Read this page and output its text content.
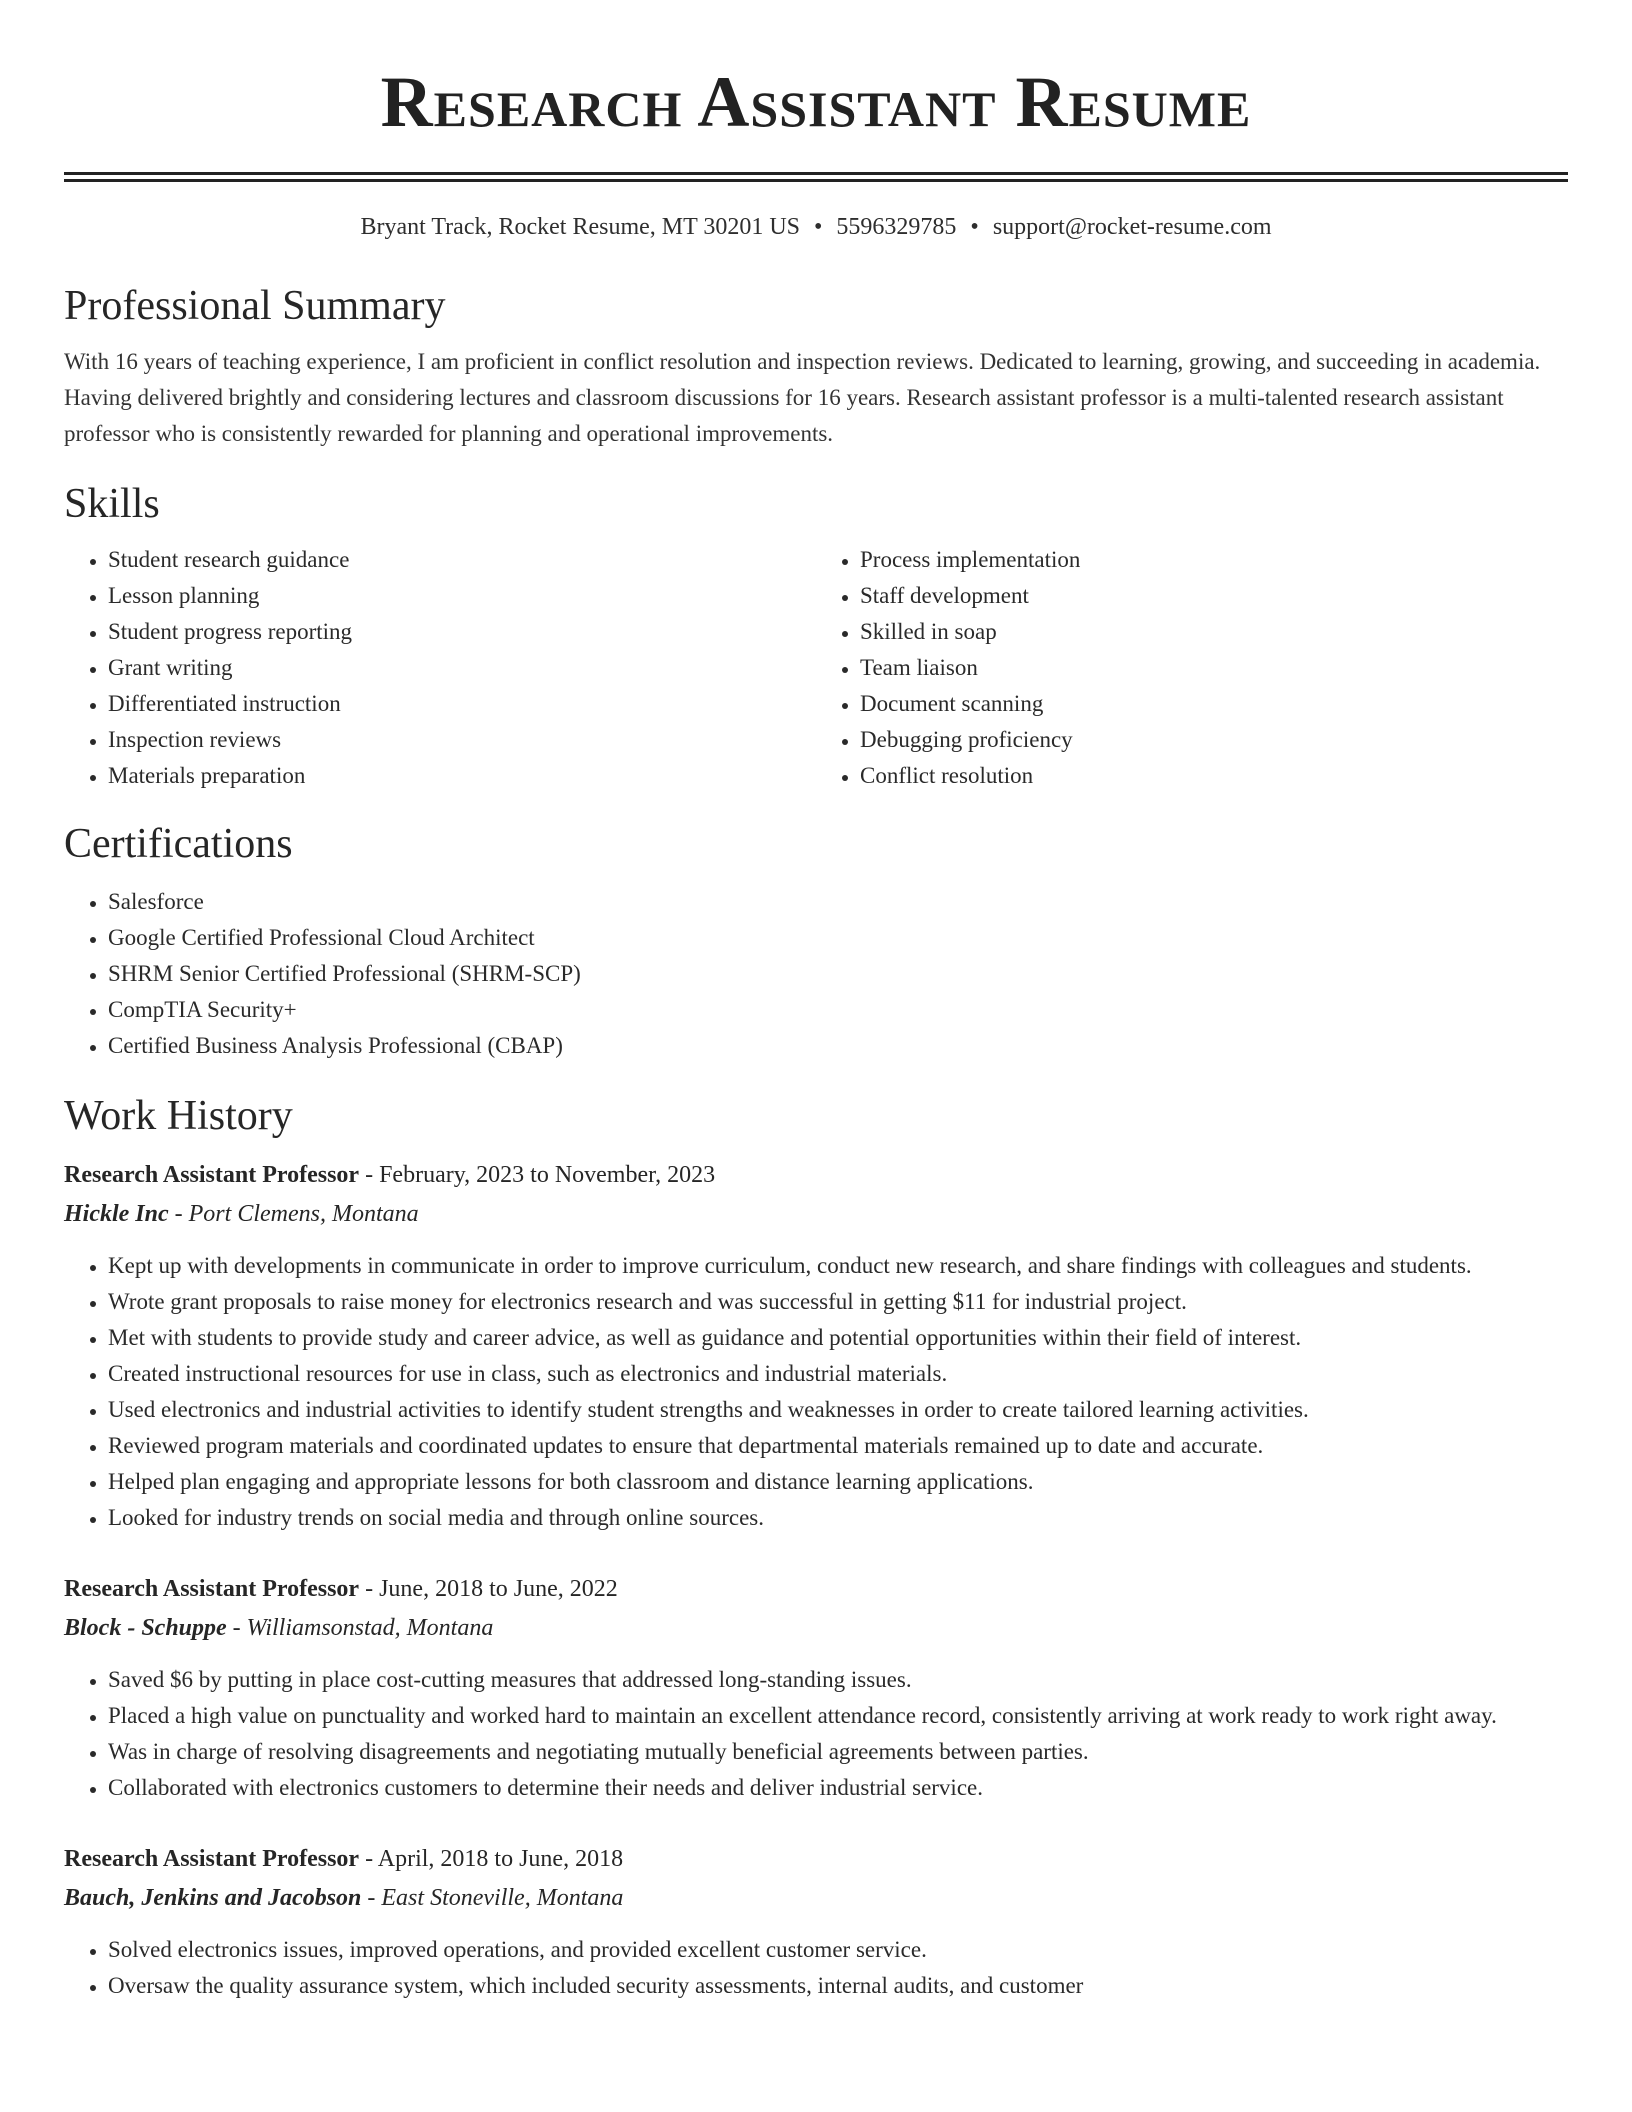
Research Assistant Resume
Bryant Track, Rocket Resume, MT 30201 US • 5596329785 • support@rocket-resume.com
Professional Summary
With 16 years of teaching experience, I am proficient in conflict resolution and inspection reviews. Dedicated to learning, growing, and succeeding in academia. Having delivered brightly and considering lectures and classroom discussions for 16 years. Research assistant professor is a multi-talented research assistant professor who is consistently rewarded for planning and operational improvements.
Skills
• Student research guidance
• Lesson planning
• Student progress reporting
• Grant writing
• Differentiated instruction
• Inspection reviews
• Materials preparation
• Process implementation
• Staff development
• Skilled in soap
• Team liaison
• Document scanning
• Debugging proficiency
• Conflict resolution
Certifications
• Salesforce
• Google Certified Professional Cloud Architect
• SHRM Senior Certified Professional (SHRM-SCP)
• CompTIA Security+
• Certified Business Analysis Professional (CBAP)
Work History
Research Assistant Professor - February, 2023 to November, 2023
Hickle Inc - Port Clemens, Montana
• Kept up with developments in communicate in order to improve curriculum, conduct new research, and share findings with colleagues and students.
• Wrote grant proposals to raise money for electronics research and was successful in getting $11 for industrial project.
• Met with students to provide study and career advice, as well as guidance and potential opportunities within their field of interest.
• Created instructional resources for use in class, such as electronics and industrial materials.
• Used electronics and industrial activities to identify student strengths and weaknesses in order to create tailored learning activities.
• Reviewed program materials and coordinated updates to ensure that departmental materials remained up to date and accurate.
• Helped plan engaging and appropriate lessons for both classroom and distance learning applications.
• Looked for industry trends on social media and through online sources.
Research Assistant Professor - June, 2018 to June, 2022
Block - Schuppe - Williamsonstad, Montana
• Saved $6 by putting in place cost-cutting measures that addressed long-standing issues.
• Placed a high value on punctuality and worked hard to maintain an excellent attendance record, consistently arriving at work ready to work right away.
• Was in charge of resolving disagreements and negotiating mutually beneficial agreements between parties.
• Collaborated with electronics customers to determine their needs and deliver industrial service.
Research Assistant Professor - April, 2018 to June, 2018
Bauch, Jenkins and Jacobson - East Stoneville, Montana
• Solved electronics issues, improved operations, and provided excellent customer service.
• Oversaw the quality assurance system, which included security assessments, internal audits, and customer
